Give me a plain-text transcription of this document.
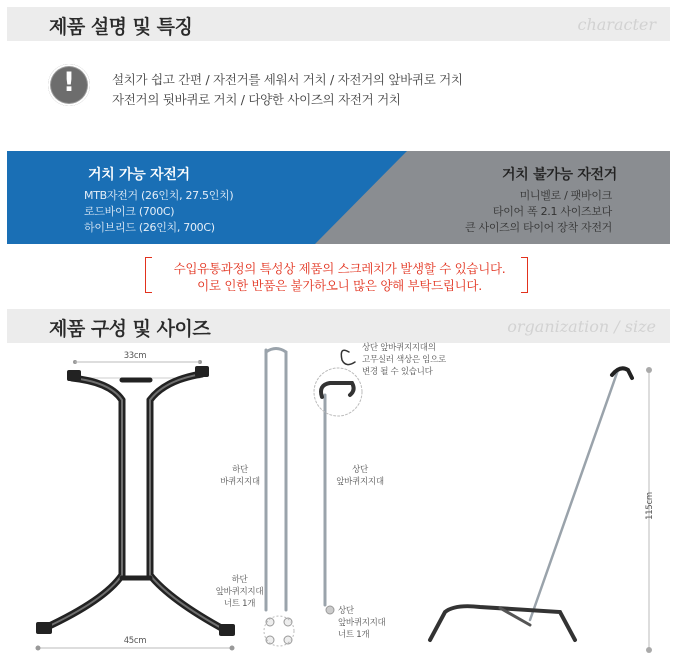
제품 설명 및 특징	character
!	설치가 쉽고 간편 / 자전거를 세워서 거치 / 자전거의 앞바퀴로 거치
자전거의 뒷바퀴로 거치 / 다양한 사이즈의 자전거 거치
거치 가능 자전거
MTB자전거 (26인치, 27.5인치)
로드바이크 (700C)
하이브리드 (26인치, 700C)
거치 불가능 자전거
미니벨로 / 팻바이크
타이어 폭 2.1 사이즈보다
큰 사이즈의 타이어 장착 자전거
수입유통과정의 특성상 제품의 스크레치가 발생할 수 있습니다.
이로 인한 반품은 불가하오니 많은 양해 부탁드립니다.
제품 구성 및 사이즈	organization / size
33cm
45cm
하단
바퀴지지대
하단
앞바퀴지지대
너트 1개
상단
앞바퀴지지대
상단
앞바퀴지지대
너트 1개
상단 앞바퀴지지대의
고무실러 색상은 임으로
변경 될 수 있습니다
115cm
